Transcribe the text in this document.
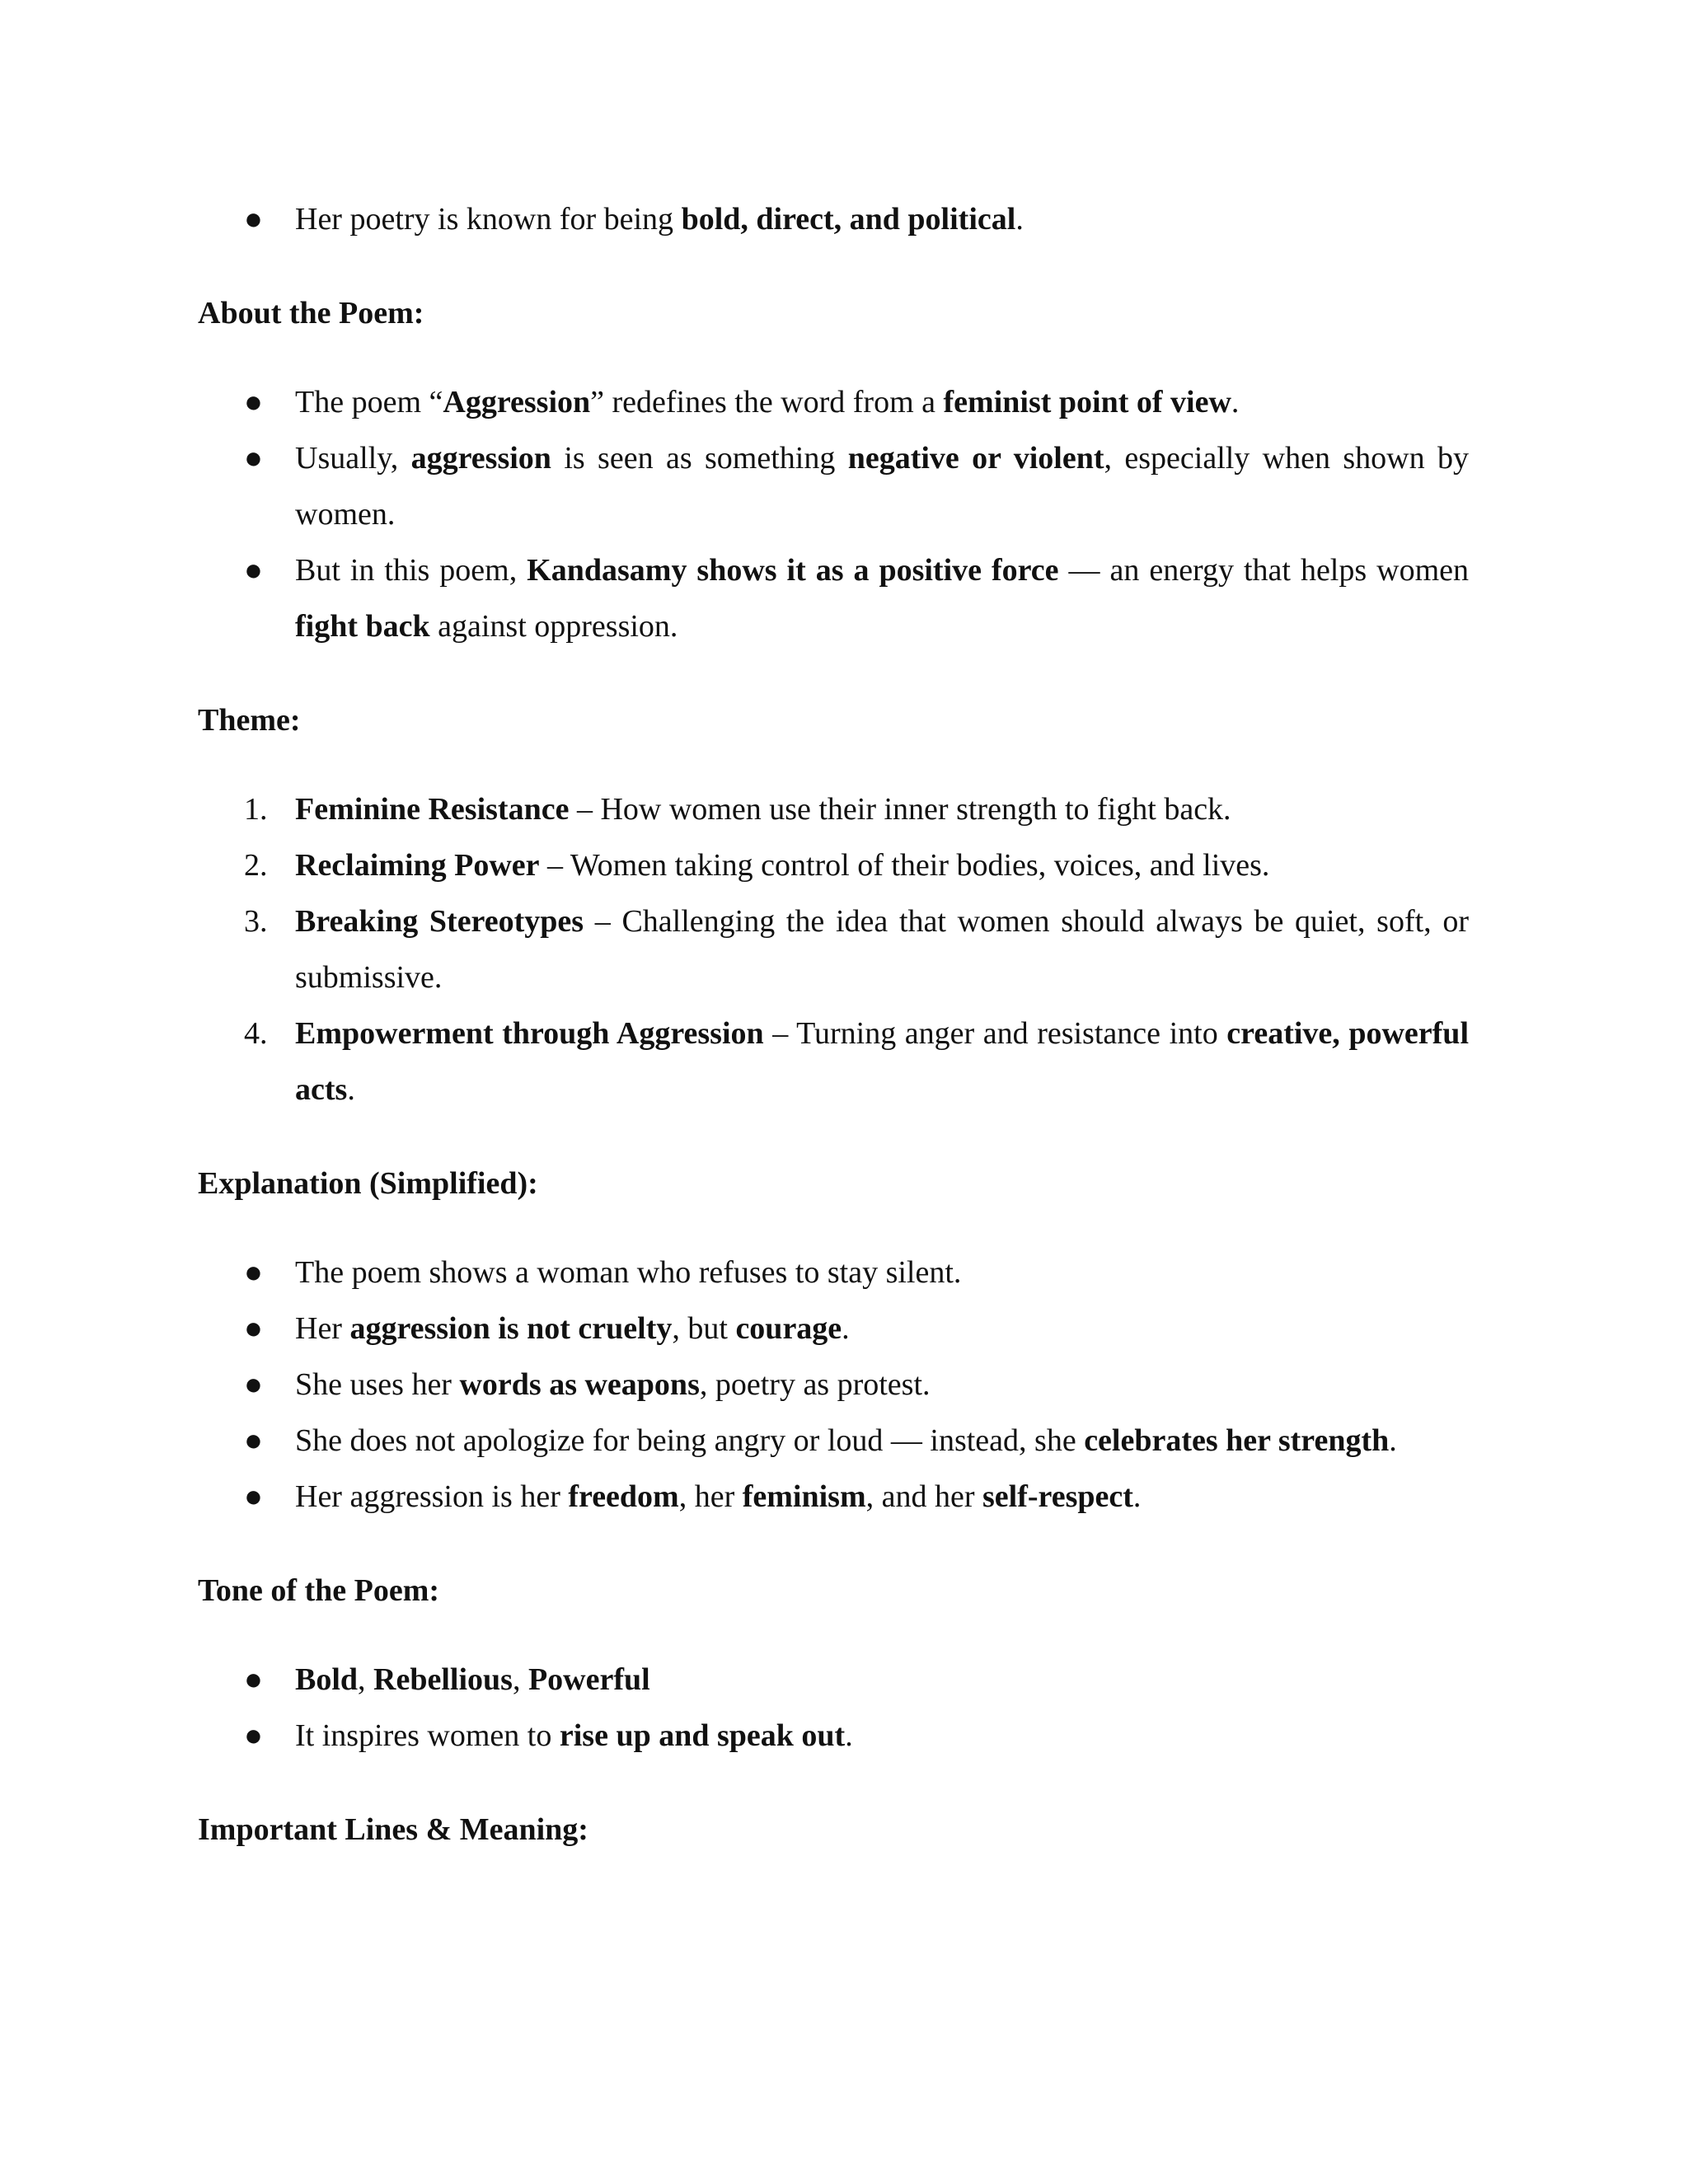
●	Her poetry is known for being bold, direct, and political.

About the Poem:

●	The poem “Aggression” redefines the word from a feminist point of view.
●	Usually, aggression is seen as something negative or violent, especially when shown by women.
●	But in this poem, Kandasamy shows it as a positive force — an energy that helps women fight back against oppression.

Theme:

1. Feminine Resistance – How women use their inner strength to fight back.
2. Reclaiming Power – Women taking control of their bodies, voices, and lives.
3. Breaking Stereotypes – Challenging the idea that women should always be quiet, soft, or submissive.
4. Empowerment through Aggression – Turning anger and resistance into creative, powerful acts.

Explanation (Simplified):

●	The poem shows a woman who refuses to stay silent.
●	Her aggression is not cruelty, but courage.
●	She uses her words as weapons, poetry as protest.
●	She does not apologize for being angry or loud — instead, she celebrates her strength.
●	Her aggression is her freedom, her feminism, and her self-respect.

Tone of the Poem:

●	Bold, Rebellious, Powerful
●	It inspires women to rise up and speak out.

Important Lines & Meaning:
